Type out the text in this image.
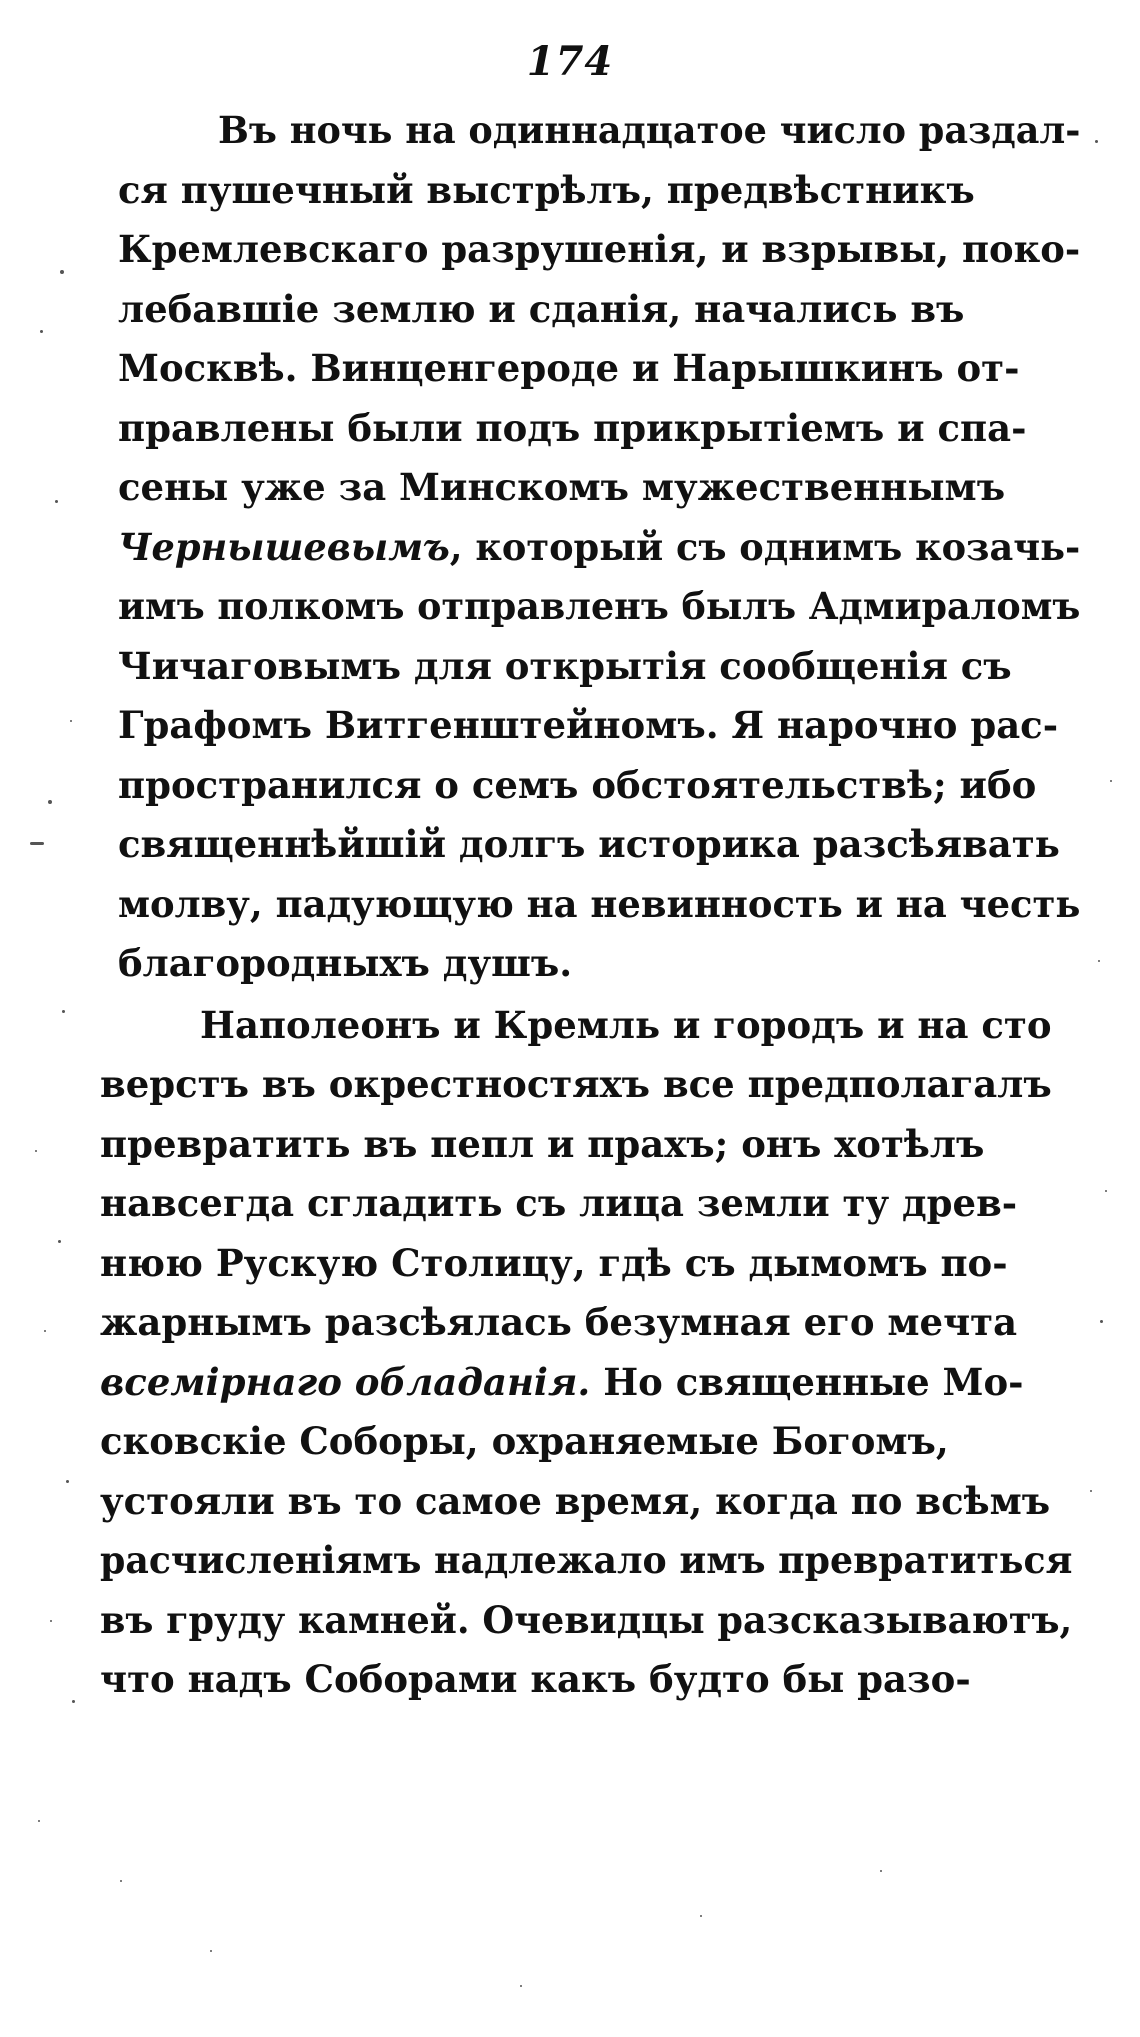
174
Въ ночь на одиннадцатое число раздал-
ся пушечный выстрѣлъ, предвѣстникъ
Кремлевскаго разрушенія, и взрывы, поко-
лебавшіе землю и сданія, начались въ
Москвѣ. Винценгероде и Нарышкинъ от-
правлены были подъ прикрытіемъ и спа-
сены уже за Минскомъ мужественнымъ
Чернышевымъ, который съ однимъ козачь-
имъ полкомъ отправленъ былъ Адмираломъ
Чичаговымъ для открытія сообщенія съ
Графомъ Витгенштейномъ. Я нарочно рас-
пространился о семъ обстоятельствѣ; ибо
священнѣйшій долгъ историка разсѣявать
молву, падующую на невинность и на честь
благородныхъ душъ.
Наполеонъ и Кремль и городъ и на сто
верстъ въ окрестностяхъ все предполагалъ
превратить въ пепл и прахъ; онъ хотѣлъ
навсегда сгладить съ лица земли ту древ-
нюю Рускую Столицу, гдѣ съ дымомъ по-
жарнымъ разсѣялась безумная его мечта
всемірнаго обладанія. Но священные Мо-
сковскіе Соборы, охраняемые Богомъ,
устояли въ то самое время, когда по всѣмъ
расчисленіямъ надлежало имъ превратиться
въ груду камней. Очевидцы разсказываютъ,
что надъ Соборами какъ будто бы разо-
